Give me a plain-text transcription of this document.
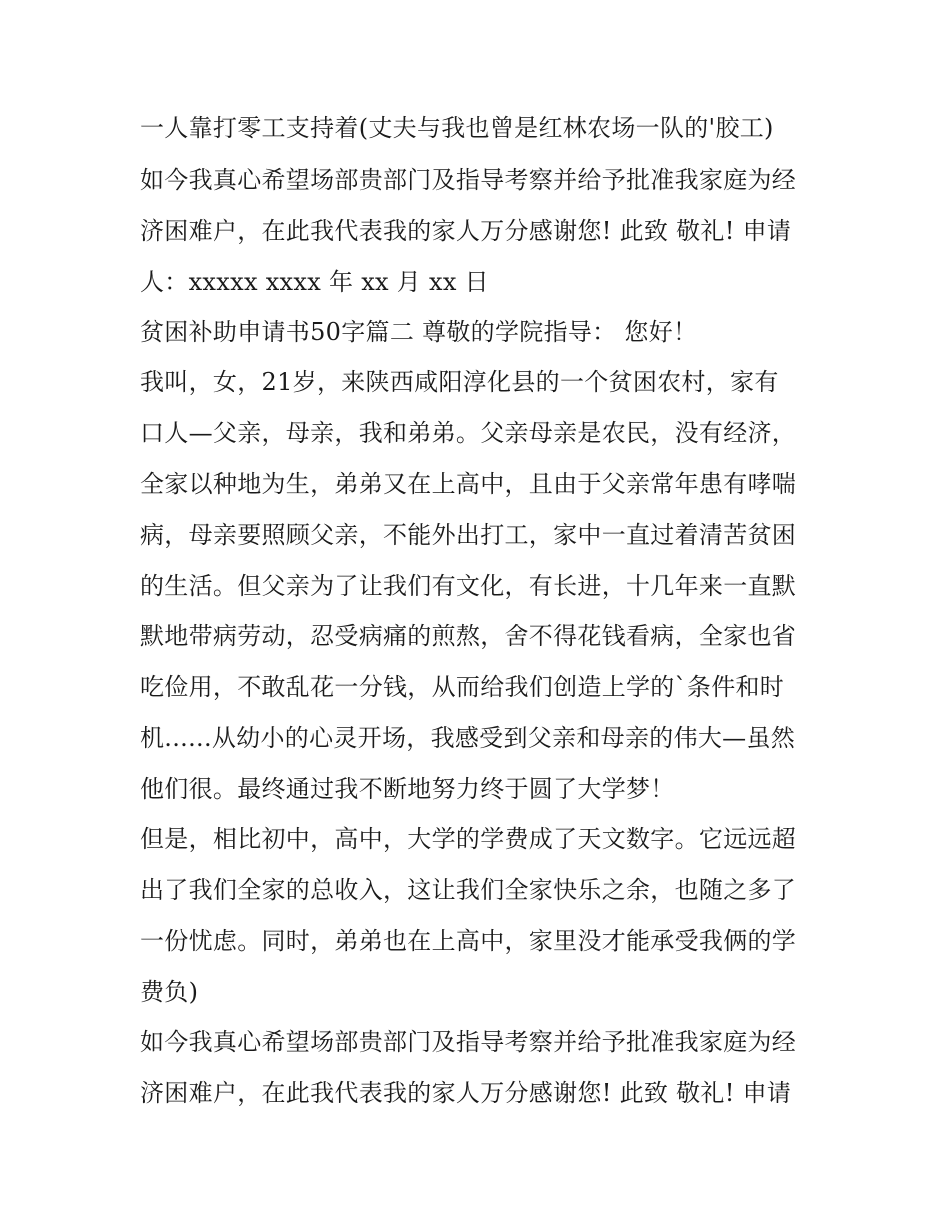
一人靠打零工支持着(丈夫与我也曾是红林农场一队的'胶工)
如今我真心希望场部贵部门及指导考察并给予批准我家庭为经
济困难户，在此我代表我的家人万分感谢您! 此致 敬礼! 申请
人：xxxxx xxxx 年 xx 月 xx 日
贫困补助申请书50字篇二 尊敬的学院指导： 您好！
我叫，女，21岁，来陕西咸阳淳化县的一个贫困农村，家有
口人—父亲，母亲，我和弟弟。父亲母亲是农民，没有经济，
全家以种地为生，弟弟又在上高中，且由于父亲常年患有哮喘
病，母亲要照顾父亲，不能外出打工，家中一直过着清苦贫困
的生活。但父亲为了让我们有文化，有长进，十几年来一直默
默地带病劳动，忍受病痛的煎熬，舍不得花钱看病，全家也省
吃俭用，不敢乱花一分钱，从而给我们创造上学的`条件和时
机......从幼小的心灵开场，我感受到父亲和母亲的伟大—虽然
他们很。最终通过我不断地努力终于圆了大学梦！
但是，相比初中，高中，大学的学费成了天文数字。它远远超
出了我们全家的总收入，这让我们全家快乐之余，也随之多了
一份忧虑。同时，弟弟也在上高中，家里没才能承受我俩的学
费负)
如今我真心希望场部贵部门及指导考察并给予批准我家庭为经
济困难户，在此我代表我的家人万分感谢您! 此致 敬礼! 申请
